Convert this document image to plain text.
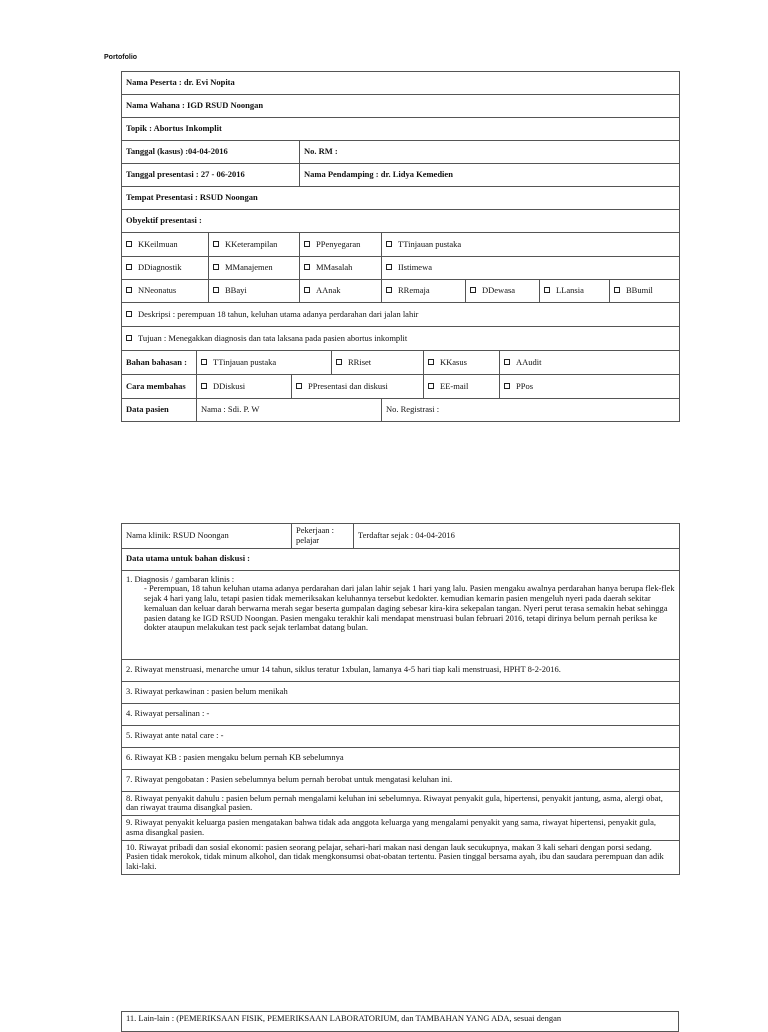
Portofolio
Nama Peserta : dr. Evi Nopita											
Nama Wahana : IGD RSUD Noongan											
Topik : Abortus Inkomplit											
Tanggal (kasus) :04-04-2016				No. RM :							
Tanggal presentasi : 27 - 06-2016				Nama Pendamping : dr. Lidya Kemedien							
Tempat Presentasi : RSUD Noongan											
Obyektif presentasi :											
KKeilmuan		KKeterampilan		PPenyegaran		TTinjauan pustaka					
DDiagnostik		MManajemen		MMasalah		IIstimewa					
NNeonatus		BBayi		AAnak		RRemaja		DDewasa		LLansia	BBumil
Deskripsi : perempuan 18 tahun, keluhan utama adanya perdarahan dari jalan lahir											
Tujuan : Menegakkan diagnosis dan tata laksana pada pasien abortus inkomplit											
Bahan bahasan :	TTinjauan pustaka				RRiset		KKasus		AAudit		
Cara membahas	DDiskusi		PPresentasi dan diskusi				EE-mail		PPos		
Data pasien	Nama : Sdi. P. W					No. Registrasi :					
Nama klinik: RSUD Noongan	Pekerjaan : pelajar	Terdaftar sejak : 04-04-2016
Data utama untuk bahan diskusi :

1. Diagnosis / gambaran klinis :
- Perempuan, 18 tahun keluhan utama adanya perdarahan dari jalan lahir sejak 1 hari yang lalu. Pasien mengaku awalnya perdarahan hanya berupa flek-flek sejak 4 hari yang lalu, tetapi pasien tidak memeriksakan keluhannya tersebut kedokter. kemudian kemarin pasien mengeluh nyeri pada daerah sekitar kemaluan dan keluar darah berwarna merah segar beserta gumpalan daging sebesar kira-kira sekepalan tangan. Nyeri perut terasa semakin hebat sehingga pasien datang ke IGD RSUD Noongan. Pasien mengaku terakhir kali mendapat menstruasi bulan februari 2016, tetapi dirinya belum pernah periksa ke dokter ataupun melakukan test pack sejak terlambat datang bulan.

2. Riwayat menstruasi, menarche umur 14 tahun, siklus teratur 1xbulan, lamanya 4-5 hari tiap kali menstruasi, HPHT 8-2-2016.
3. Riwayat perkawinan : pasien belum menikah
4. Riwayat persalinan : -
5. Riwayat ante natal care : -
6. Riwayat KB : pasien mengaku belum pernah KB sebelumnya
7. Riwayat pengobatan : Pasien sebelumnya belum pernah berobat untuk mengatasi keluhan ini.
8. Riwayat penyakit dahulu : pasien belum pernah mengalami keluhan ini sebelumnya. Riwayat penyakit gula, hipertensi, penyakit jantung, asma, alergi obat, dan riwayat trauma disangkal pasien.
9. Riwayat penyakit keluarga pasien mengatakan bahwa tidak ada anggota keluarga yang mengalami penyakit yang sama, riwayat hipertensi, penyakit gula, asma disangkal pasien.
10. Riwayat pribadi dan sosial ekonomi: pasien seorang pelajar, sehari-hari makan nasi dengan lauk secukupnya, makan 3 kali sehari dengan porsi sedang. Pasien tidak merokok, tidak minum alkohol, dan tidak mengkonsumsi obat-obatan tertentu. Pasien tinggal bersama ayah, ibu dan saudara perempuan dan adik laki-laki.
11. Lain-lain : (PEMERIKSAAN FISIK, PEMERIKSAAN LABORATORIUM, dan TAMBAHAN YANG ADA, sesuai dengan
